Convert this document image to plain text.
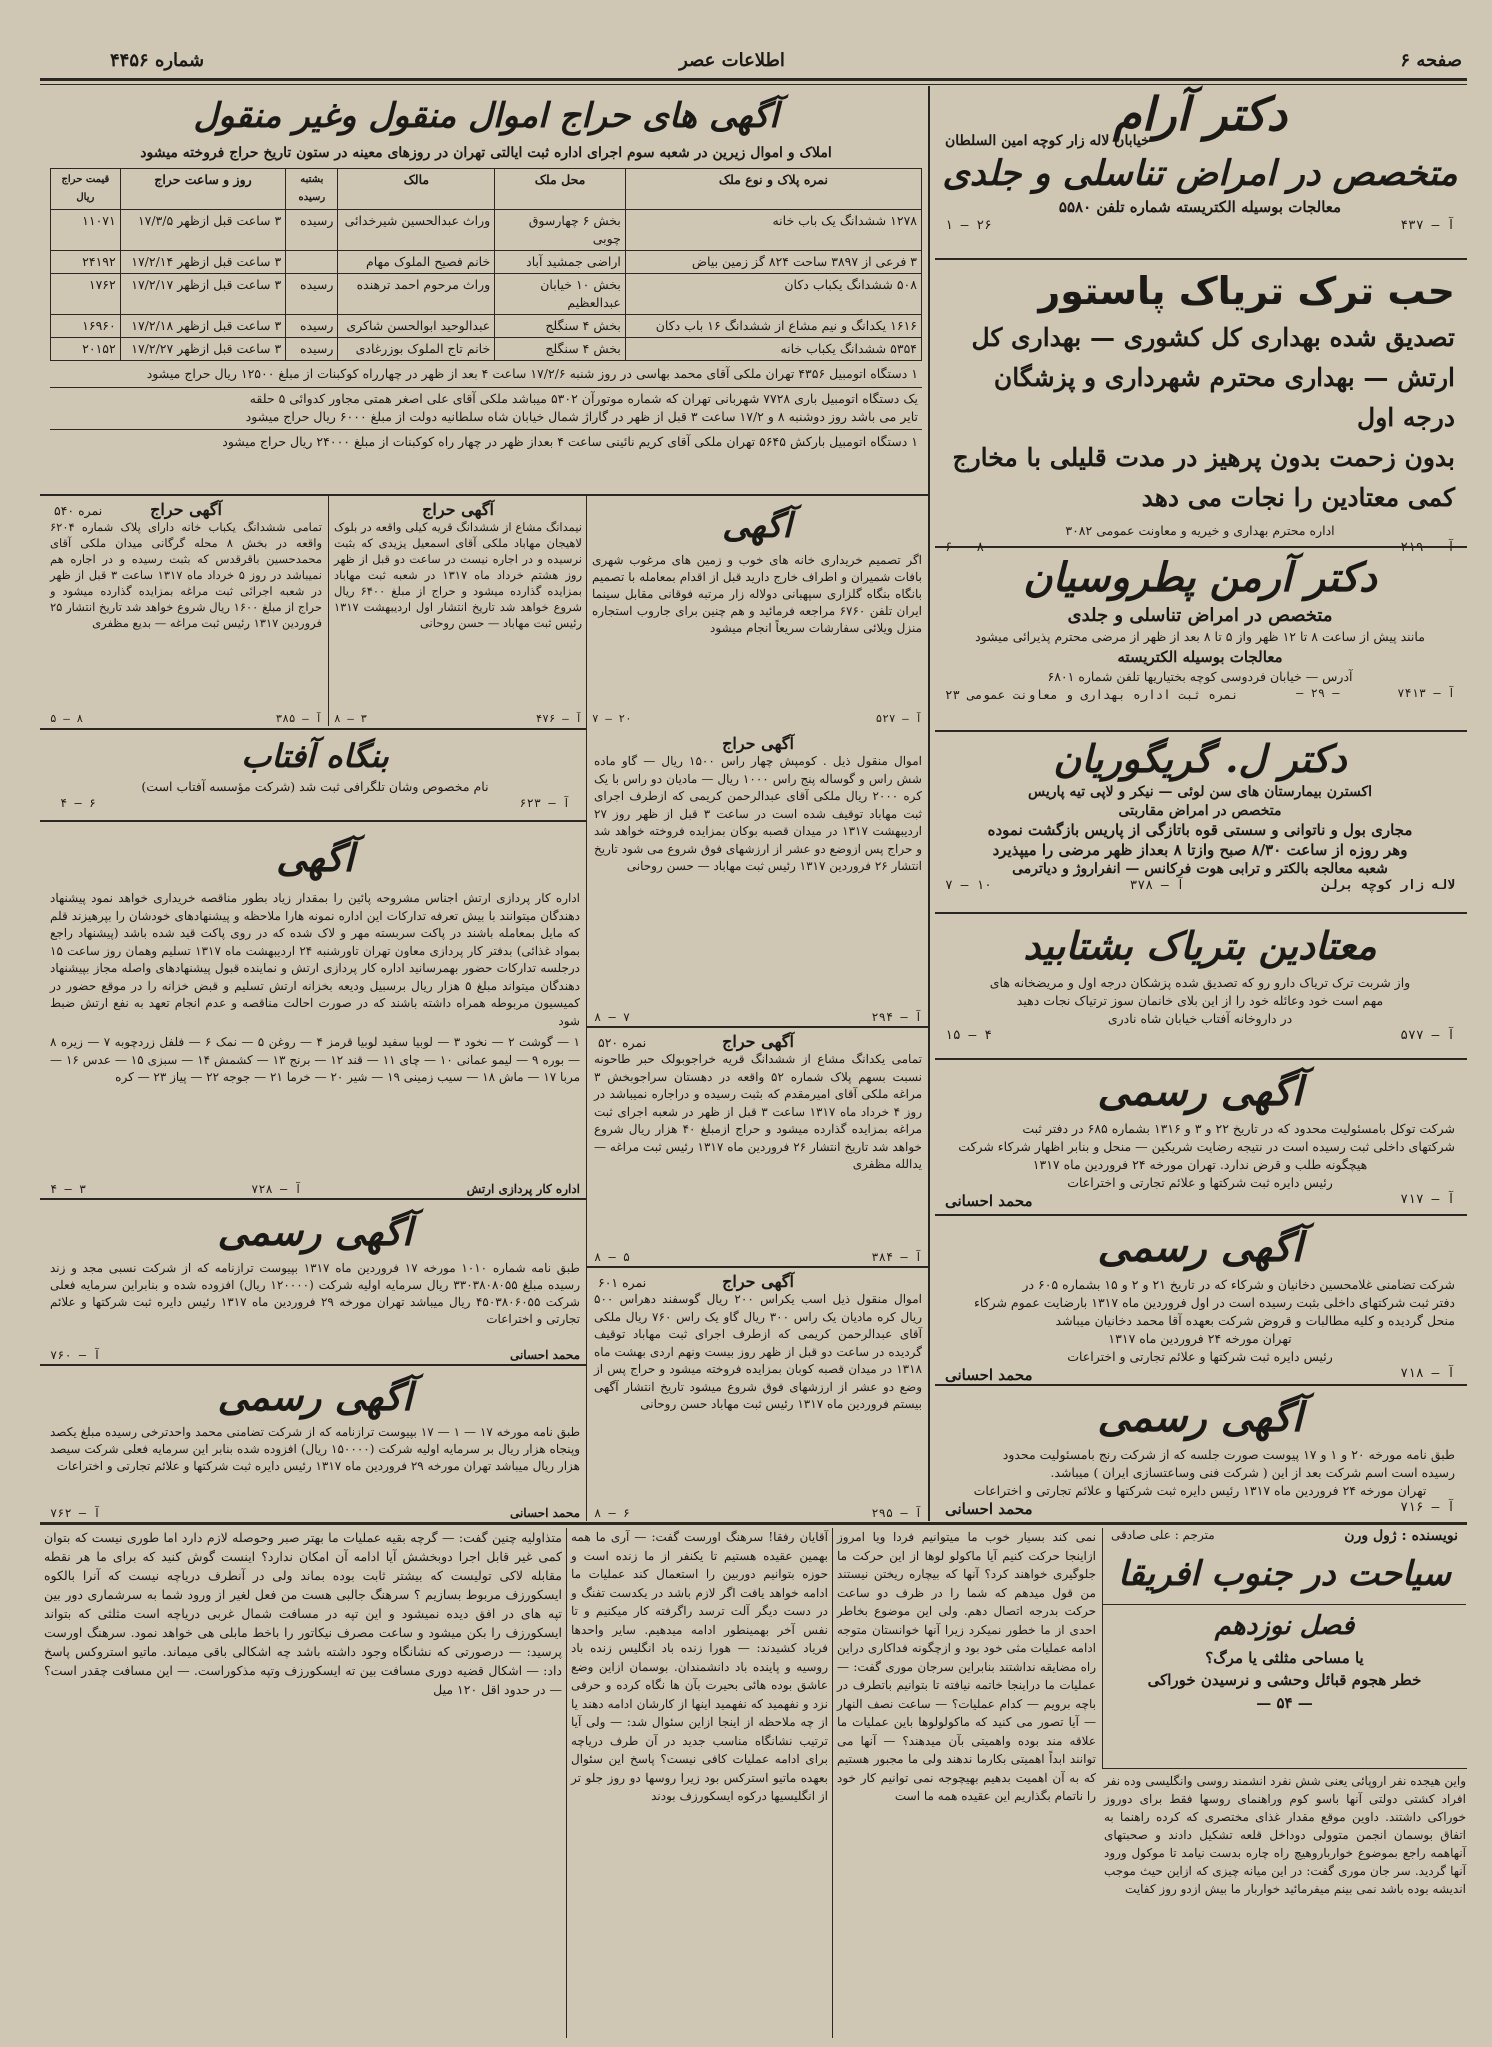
صفحه ۶
اطلاعات عصر
شماره ۴۴۵۶
دکتر آرام
خیابان لاله زار کوچه امین السلطان
متخصص در امراض تناسلی و جلدی
معالجات بوسیله الکتریسته شماره تلفن ۵۵۸۰
آ — ۴۳۷
۲۶ — ۱
حب ترک تریاک پاستور
تصدیق شده بهداری کل کشوری — بهداری کل
ارتش — بهداری محترم شهرداری و پزشگان درجه اول
بدون زحمت بدون پرهیز در مدت قلیلی با مخارج
کمی معتادین را نجات می دهد
اداره محترم بهداری و خیریه و معاونت عمومی ۳۰۸۲
دکتر آرمن پطروسیان
متخصص در امراض تناسلی و جلدی
مانند پیش از ساعت ۸ تا ۱۲ ظهر واز ۵ تا ۸ بعد از ظهر از مرضی محترم پذیرائی میشود
معالجات بوسیله الکتریسته
آدرس — خیابان فردوسی کوچه بختیاریها تلفن شماره ۶۸۰۱
آ — ۷۴۱۳
— ۲۹ —
نمره ثبت اداره بهداری و معاونت عمومی ۲۳
دکتر ل. گریگوریان
اکسترن بیمارستان های سن لوئی — نیکر و لاپی تیه پاریس
متخصص در امراض مقاربتی
مجاری بول و ناتوانی و سستی قوه باتازگی از پاریس بازگشت نموده
وهر روزه از ساعت ۸/۳۰ صبح وازتا ۸ بعداز ظهر مرضی را میپذیرد
شعبه معالجه بالکتر و ترابی هوت فرکانس — انفراروژ و دیاترمی
لاله زار کوچه برلن
آ — ۳۷۸
۱۰ — ۷
معتادین بتریاک بشتابید
واز شربت ترک تریاک دارو رو که تصدیق شده پزشکان درجه اول و مریضخانه های
مهم است خود وعائله خود را از این بلای خانمان سوز ترتیاک نجات دهید
در داروخانه آفتاب خیابان شاه نادری
آ — ۵۷۷
۴ — ۱۵
آگهی رسمی
شرکت توکل بامسئولیت محدود که در تاریخ ۲۲ و ۳ و ۱۳۱۶ بشماره ۶۸۵ در دفتر ثبت
شرکتهای داخلی ثبت رسیده است در نتیجه رضایت شریکین — منحل و بنابر اظهار شرکاء شرکت
هیچگونه طلب و قرض ندارد. تهران مورخه ۲۴ فروردین ماه ۱۳۱۷
رئیس دایره ثبت شرکتها و علائم تجارتی و اختراعات
آ — ۷۱۷
محمد احسانی
آگهی رسمی
شرکت تضامنی غلامحسین دخانیان و شرکاء که در تاریخ ۲۱ و ۲ و ۱۵ بشماره ۶۰۵ در
دفتر ثبت شرکتهای داخلی بثبت رسیده است در اول فروردین ماه ۱۳۱۷ بارضایت عموم شرکاء
منحل گردیده و کلیه مطالبات و قروض شرکت بعهده آقا محمد دخانیان میباشد
تهران مورخه ۲۴ فروردین ماه ۱۳۱۷
رئیس دایره ثبت شرکتها و علائم تجارتی و اختراعات
آ — ۷۱۸
محمد احسانی
آگهی رسمی
طبق نامه مورخه ۲۰ و ۱ و ۱۷ پیوست صورت جلسه که از شرکت رنج بامسئولیت محدود
رسیده است اسم شرکت بعد از این ( شرکت فنی وساعتسازی ایران ) میباشد.
تهران مورخه ۲۴ فروردین ماه ۱۳۱۷ رئیس دایره ثبت شرکتها و علائم تجارتی و اختراعات
آ — ۷۱۶
محمد احسانی
آگهی های حراج اموال منقول وغیر منقول
املاک و اموال زیرین در شعبه سوم اجرای اداره ثبت ایالتی تهران در روزهای معینه در ستون تاریخ حراج فروخته میشود
نمره پلاک و نوع ملک	محل ملک	مالک	بشتبه رسیده	روز و ساعت حراج	قیمت حراج ریال
۱۲۷۸ ششدانگ یک باب خانه	بخش ۶ چهارسوق چوبی	وراث عبدالحسین شیرخدائی	رسیده	۳ ساعت قبل ازظهر ۱۷/۳/۵	۱۱۰۷۱
۳ فرعی از ۳۸۹۷ ساحت ۸۲۴ گز زمین بیاض	اراضی جمشید آباد	خانم فصیح الملوک مهام		۳ ساعت قبل ازظهر ۱۷/۲/۱۴	۲۴۱۹۲
۵۰۸ ششدانگ یکباب دکان	بخش ۱۰ خیابان عبدالعظیم	وراث مرحوم احمد ترهنده	رسیده	۳ ساعت قبل ازظهر ۱۷/۲/۱۷	۱۷۶۲
۱۶۱۶ یکدانگ و نیم مشاع از ششدانگ ۱۶ باب دکان	بخش ۴ سنگلج	عبدالوحید ابوالحسن شاکری	رسیده	۳ ساعت قبل ازظهر ۱۷/۲/۱۸	۱۶۹۶۰
۵۳۵۴ ششدانگ یکباب خانه	بخش ۴ سنگلج	خانم تاج الملوک بوزرغادی	رسیده	۳ ساعت قبل ازظهر ۱۷/۲/۲۷	۲۰۱۵۲
۱ دستگاه اتومبیل ۴۳۵۶ تهران ملکی آقای محمد بهاسی در روز شنبه ۱۷/۲/۶ ساعت ۴ بعد از ظهر در چهارراه کوکبنات از مبلغ ۱۲۵۰۰ ریال حراج میشود
یک دستگاه اتومبیل باری ۷۷۲۸ شهربانی تهران که شماره موتورآن ۵۳۰۲ میباشد ملکی آقای علی اصغر همتی مجاور کدوائی ۵ حلقه
تایر می باشد روز دوشنبه ۸ و ۱۷/۲ ساعت ۳ قبل از ظهر در گاراژ شمال خیابان شاه سلطانیه دولت از مبلغ ۶۰۰۰ ریال حراج میشود
۱ دستگاه اتومبیل بارکش ۵۶۴۵ تهران ملکی آقای کریم نائینی ساعت ۴ بعداز ظهر در چهار راه کوکبنات از مبلغ ۲۴۰۰۰ ریال حراج میشود
آگهی حراج
نمره ۵۴۰
تمامی ششدانگ یکباب خانه دارای پلاک شماره ۶۲۰۴ واقعه در بخش ۸ محله گرگانی میدان ملکی آقای محمدحسین باقرقدس که بثبت رسیده و در اجاره هم نمیباشد در روز ۵ خرداد ماه ۱۳۱۷ ساعت ۳ قبل از ظهر در شعبه اجرائی ثبت مراغه بمزایده گذارده میشود و حراج از مبلغ ۱۶۰۰ ریال شروع خواهد شد تاریخ انتشار ۲۵ فروردین ۱۳۱۷ رئیس ثبت مراغه — بدیع مظفری
آ — ۳۸۵
۸ — ۵
آگهی حراج
نیمدانگ مشاع از ششدانگ قریه کیلی واقعه در بلوک لاهیجان مهاباد ملکی آقای اسمعیل یزیدی که بثبت نرسیده و در اجاره نیست در ساعت دو قبل از ظهر روز هشتم خرداد ماه ۱۳۱۷ در شعبه ثبت مهاباد بمزایده گذارده میشود و حراج از مبلغ ۶۴۰۰ ریال شروع خواهد شد تاریخ انتشار اول اردیبهشت ۱۳۱۷ رئیس ثبت مهاباد — حسن روحانی
آ — ۴۷۶
۳ — ۸
آگهی
اگر تصمیم خریداری خانه های خوب و زمین های مرغوب شهری بافات شمیران و اطراف خارج دارید قبل از اقدام بمعامله با تصمیم بانگاه بنگاه گلزاری سپهبانی دولاله زار مرتبه فوقانی مقابل سینما ایران تلفن ۶۷۶۰ مراجعه فرمائید و هم چنین برای جاروب استجاره منزل ویلائی سفارشات سریعاً انجام میشود
آ — ۵۲۷
۲۰ — ۷
بنگاه آفتاب
نام مخصوص وشان تلگرافی ثبت شد (شرکت مؤسسه آفتاب است)
آ — ۶۲۳
۶ — ۴
آگهی
اداره کار پردازی ارتش اجناس مشروحه پائین را بمقدار زیاد بطور مناقصه خریداری خواهد نمود پیشنهاد دهندگان میتوانند با بیش تعرفه تدارکات این اداره نمونه هارا ملاحظه و پیشنهادهای خودشان را بپرهیزند قلم که مایل بمعامله باشند در پاکت سربسته مهر و لاک شده که در روی پاکت قید شده باشد (پیشنهاد راجع بمواد غذائی) بدفتر کار پردازی معاون تهران تاورشنبه ۲۴ اردیبهشت ماه ۱۳۱۷ تسلیم وهمان روز ساعت ۱۵ درجلسه تدارکات حضور بهمرسانید اداره کار پردازی ارتش و نماینده قبول پیشنهادهای واصله مجاز بپیشنهاد دهندگان میتواند مبلغ ۵ هزار ریال برسبیل ودیعه بخزانه ارتش تسلیم و قبض خزانه را در موقع حضور در کمیسیون مربوطه همراه داشته باشند که در صورت احالت مناقصه و عدم انجام تعهد به نفع ارتش ضبط شود
۱ — گوشت ۲ — نخود ۳ — لوبیا سفید لوبیا قرمز ۴ — روغن ۵ — نمک ۶ — فلفل زردچوبه ۷ — زیره ۸ — بوره ۹ — لیمو عمانی ۱۰ — چای ۱۱ — قند ۱۲ — برنج ۱۳ — کشمش ۱۴ — سبزی ۱۵ — عدس ۱۶ — مربا ۱۷ — ماش ۱۸ — سیب زمینی ۱۹ — شیر ۲۰ — خرما ۲۱ — جوجه ۲۲ — پیاز ۲۳ — کره
اداره کار پردازی ارتش
آ — ۷۲۸
۳ — ۴
آگهی رسمی
طبق نامه شماره ۱۰۱۰ مورخه ۱۷ فروردین ماه ۱۳۱۷ بپیوست ترازنامه که از شرکت نسبی مجد و زند رسیده مبلغ ۳۳۰۳۸۰۸۰۵۵ ریال سرمایه اولیه شرکت (۱۲۰۰۰۰ ریال) افزوده شده و بنابراین سرمایه فعلی شرکت ۴۵۰۳۸۰۶۰۵۵ ریال میباشد تهران مورخه ۲۹ فروردین ماه ۱۳۱۷ رئیس دایره ثبت شرکتها و علائم تجارتی و اختراعات
محمد احسانی
آ — ۷۶۰
آگهی رسمی
طبق نامه مورخه ۱۷ — ۱ — ۱۷ بپیوست ترازنامه که از شرکت تضامنی محمد واحدترخی رسیده مبلغ یکصد وپنجاه هزار ریال بر سرمایه اولیه شرکت (۱۵۰۰۰۰ ریال) افزوده شده بنابر این سرمایه فعلی شرکت سیصد هزار ریال میباشد تهران مورخه ۲۹ فروردین ماه ۱۳۱۷ رئیس دایره ثبت شرکتها و علائم تجارتی و اختراعات
محمد احسانی
آ — ۷۶۲
آگهی حراج
اموال منقول ذیل . کومپش چهار راس ۱۵۰۰ ریال — گاو ماده شش راس و گوساله پنج راس ۱۰۰۰ ریال — مادیان دو راس با یک کره ۲۰۰۰ ریال ملکی آقای عبدالرحمن کریمی که ازطرف اجرای ثبت مهاباد توقیف شده است در ساعت ۳ قبل از ظهر روز ۲۷ اردیبهشت ۱۳۱۷ در میدان قصبه بوکان بمزایده فروخته خواهد شد و حراج پس ازوضع دو عشر از ارزشهای فوق شروع می شود تاریخ انتشار ۲۶ فروردین ۱۳۱۷ رئیس ثبت مهاباد — حسن روحانی
آ — ۲۹۴
۷ — ۸
آگهی حراج
نمره ۵۲۰
تمامی یکدانگ مشاع از ششدانگ قریه خراجوبولک حبر طاحونه نسبت بسهم پلاک شماره ۵۲ واقعه در دهستان سراجوبخش ۳ مراغه ملکی آقای امیرمقدم که بثبت رسیده و دراجاره نمیباشد در روز ۴ خرداد ماه ۱۳۱۷ ساعت ۳ قبل از ظهر در شعبه اجرای ثبت مراغه بمزایده گذارده میشود و حراج ازمبلغ ۴۰ هزار ریال شروع خواهد شد تاریخ انتشار ۲۶ فروردین ماه ۱۳۱۷ رئیس ثبت مراغه — یدالله مظفری
آ — ۳۸۴
۵ — ۸
آگهی حراج
نمره ۶۰۱
اموال منقول ذیل اسب یکراس ۲۰۰ ریال گوسفند دهراس ۵۰۰ ریال کره مادیان یک راس ۳۰۰ ریال گاو یک راس ۷۶۰ ریال ملکی آقای عبدالرحمن کریمی که ازطرف اجرای ثبت مهاباد توقیف گردیده در ساعت دو قبل از ظهر روز بیست ونهم اردی بهشت ماه ۱۳۱۸ در میدان قصبه کوبان بمزایده فروخته میشود و حراج پس از وضع دو عشر از ارزشهای فوق شروع میشود تاریخ انتشار آگهی بیستم فروردین ماه ۱۳۱۷ رئیس ثبت مهاباد حسن روحانی
آ — ۲۹۵
۶ — ۸
نویسنده : ژول ورن
مترجم : علی صادقی
سیاحت در جنوب افریقا
فصل نوزدهم
یا مساحی مثلثی یا مرگ؟
خطر هجوم قبائل وحشی و نرسیدن خوراکی
— ۵۴ —
واین هیجده نفر اروپائی یعنی شش نفرد انشمند روسی وانگلیسی وده نفر افراد کشتی دولتی آنها باسو کوم وراهنمای روسها فقط برای دوروز خوراکی داشتند. داوین موقع مقدار غذای مختصری که کرده راهنما به اتفاق بوسمان انجمن متوولی دوداخل قلعه تشکیل دادند و صحبتهای آنهاهمه راجع بموضوع خوارباروهیچ راه چاره بدست نیامد تا موکول ورود آنها گردید. سر جان موری گفت: در این میانه چیزی که ازاین حیث موجب اندیشه بوده باشد نمی بینم میفرمائید خواربار ما بیش ازدو روز کفایت
نمی کند بسیار خوب ما میتوانیم فردا ویا امروز ازاینجا حرکت کنیم آیا ماکولو لوها از این حرکت ما جلوگیری خواهند کرد؟ آنها که بیچاره ریختن نیستند من قول میدهم که شما را در ظرف دو ساعت حرکت بدرجه اتصال دهم. ولی این موضوع بخاطر احدی از ما خطور نمیکرد زیرا آنها خوانستان متوجه ادامه عملیات مثی خود بود و ازچگونه فداکاری دراین راه مضایقه نداشتند بنابراین سرجان موری گفت: — عملیات ما دراینجا خاتمه نیافته تا بتوانیم باتطرف در باچه برویم — کدام عملیات؟ — ساعت نصف النهار — آیا تصور می کنید که ماکولولوها باین عملیات ما علاقه مند بوده واهمیتی بآن میدهند؟ — آنها می توانند ابداً اهمیتی بکارما ندهند ولی ما مجبور هستیم که به آن اهمیت بدهیم بهیچوجه نمی توانیم کار خود را ناتمام بگذاریم این عقیده همه ما است
آقایان رفقا! سرهنگ اورست گفت: — آری ما همه بهمین عقیده هستیم تا یکنفر از ما زنده است و حوزه بتوانیم دوربین را استعمال کند عملیات ما ادامه خواهد یافت اگر لازم باشد در یکدست تفنگ و در دست دیگر آلت ترسد راگرفته کار میکنیم و تا نفس آخر بهمینطور ادامه میدهیم. سایر واحدها فریاد کشیدند: — هورا زنده باد انگلیس زنده باد روسیه و پاینده باد دانشمندان. بوسمان ازاین وضع عاشق بوده هائی بحیرت بآن ها نگاه کرده و حرفی نزد و نفهمید که نفهمید اینها از کارشان ادامه دهند یا از چه ملاحظه از اینجا ازاین سئوال شد: — ولی آیا ترتیب نشانگاه مناسب جدید در آن طرف دریاچه برای ادامه عملیات کافی نیست؟ پاسخ این سئوال بعهده ماتیو استرکس بود زیرا روسها دو روز جلو تر از انگلیسیها درکوه ایسکورزف بودند
متذاولیه چنین گفت: — گرچه بقیه عملیات ما بهتر صبر وحوصله لازم دارد اما طوری نیست که بتوان کمی غیر قابل اجرا دوبخشش آیا ادامه آن امکان ندارد؟ اینست گوش کنید که برای ما هر نقطه مقابله لاکی تولیست که بیشتر ثابت بوده بماند ولی در آنطرف دریاچه نیست که آنرا بالکوه ایسکورزف مربوط بسازیم ؟ سرهنگ جالبی هست من فعل لغیر از ورود شما به سرشماری دور بین تپه های در افق دیده نمیشود و این تپه در مسافت شمال غربی دریاچه است مثلثی که بتواند ایسکورزف را بکن میشود و ساعت مصرف نیکاتور را باخط مابلی هی خواهد نمود. سرهنگ اورست پرسید: — درصورتی که نشانگاه وجود داشته باشد چه اشکالی باقی میماند. ماتیو استروکس پاسخ داد: — اشکال قضیه دوری مسافت بین ته ایسکورزف وتپه مذکوراست. — این مسافت چقدر است؟ — در حدود اقل ۱۲۰ میل
